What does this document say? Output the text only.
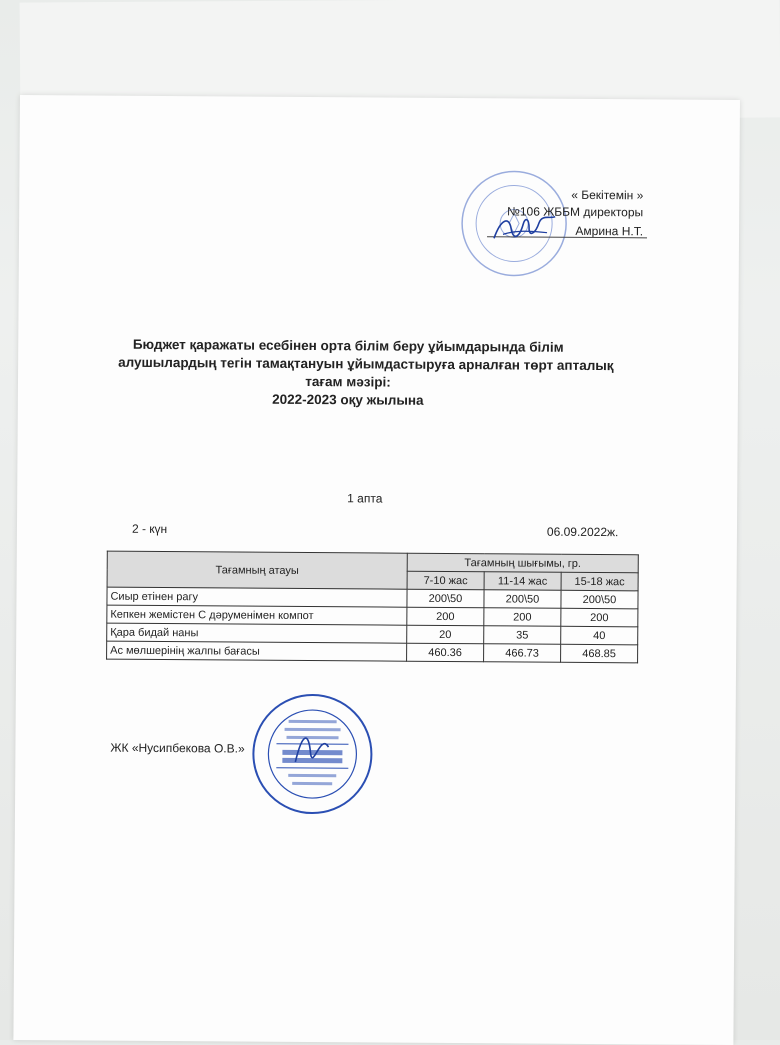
« Бекітемін »
№106 ЖББМ директоры
Амрина Н.Т.
Бюджет қаражаты есебінен орта білім беру ұйымдарында білім
алушылардың тегін тамақтануын ұйымдастыруға арналған төрт апталық
тағам мәзірі:
2022-2023 оқу жылына
1 апта
2 - күн	06.09.2022ж.
Тағамның атауы	Тағамның шығымы, гр.		
	7-10 жас	11-14 жас	15-18 жас
Сиыр етінен рагу	200\50	200\50	200\50
Кепкен жемістен С дәруменімен компот	200	200	200
Қара бидай наны	20	35	40
Ас мөлшерінің жалпы бағасы	460.36	466.73	468.85
ЖК «Нусипбекова О.В.»
